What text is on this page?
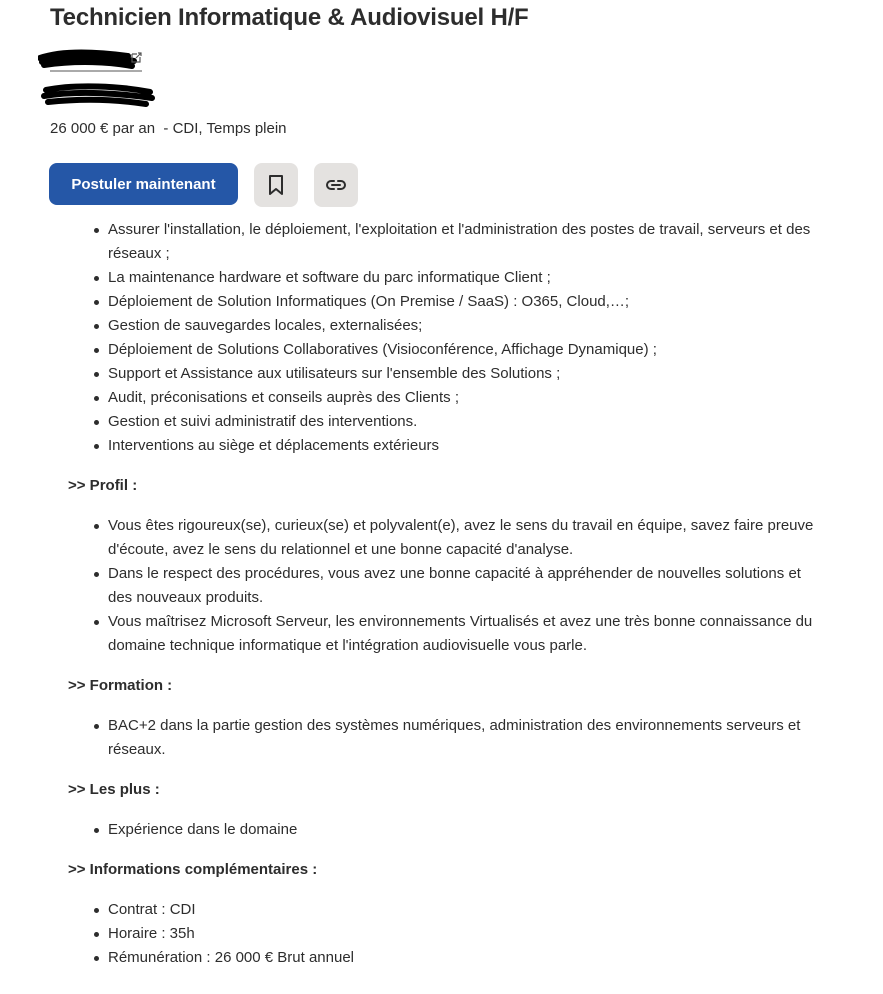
Technicien Informatique & Audiovisuel H/F
26 000 € par an  - CDI, Temps plein
Postuler maintenant
Assurer l'installation, le déploiement, l'exploitation et l'administration des postes de travail, serveurs et des réseaux ;
La maintenance hardware et software du parc informatique Client ;
Déploiement de Solution Informatiques (On Premise / SaaS) : O365, Cloud,…;
Gestion de sauvegardes locales, externalisées;
Déploiement de Solutions Collaboratives (Visioconférence, Affichage Dynamique) ;
Support et Assistance aux utilisateurs sur l'ensemble des Solutions ;
Audit, préconisations et conseils auprès des Clients ;
Gestion et suivi administratif des interventions.
Interventions au siège et déplacements extérieurs

>> Profil :

Vous êtes rigoureux(se), curieux(se) et polyvalent(e), avez le sens du travail en équipe, savez faire preuve d'écoute, avez le sens du relationnel et une bonne capacité d'analyse.
Dans le respect des procédures, vous avez une bonne capacité à appréhender de nouvelles solutions et des nouveaux produits.
Vous maîtrisez Microsoft Serveur, les environnements Virtualisés et avez une très bonne connaissance du domaine technique informatique et l'intégration audiovisuelle vous parle.

>> Formation :

BAC+2 dans la partie gestion des systèmes numériques, administration des environnements serveurs et réseaux.

>> Les plus :

Expérience dans le domaine

>> Informations complémentaires :

Contrat : CDI
Horaire : 35h
Rémunération : 26 000 € Brut annuel
